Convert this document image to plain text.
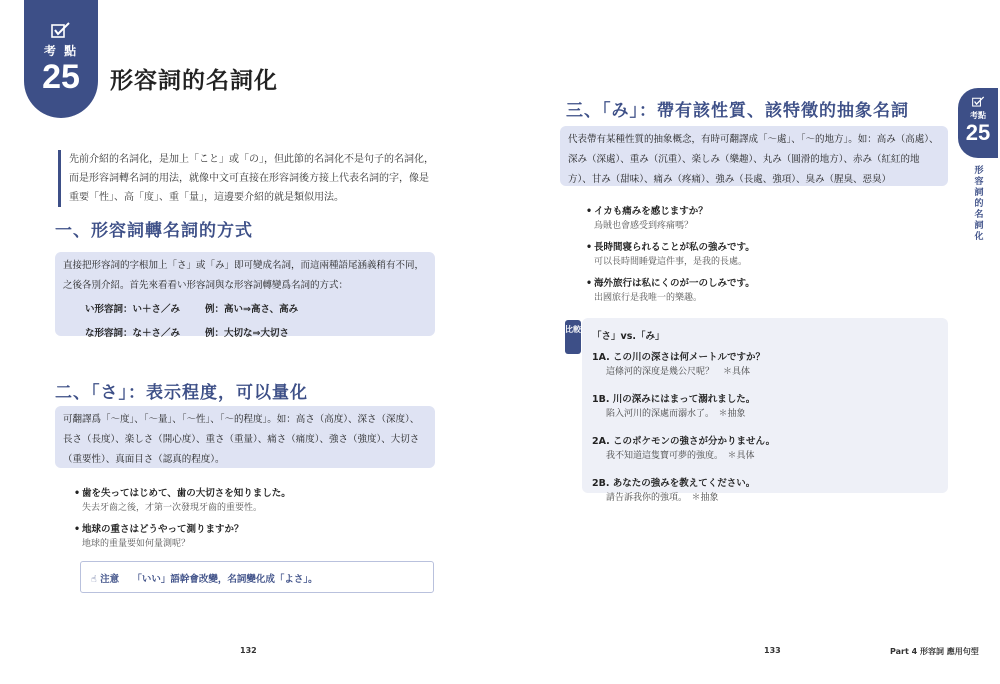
考 點
25	形容詞的名詞化
先前介紹的名詞化，是加上「こと」或「の」，但此節的名詞化不是句子的名詞化，而是形容詞轉名詞的用法，就像中文可直接在形容詞後方接上代表名詞的字，像是重要「性」、高「度」、重「量」，這邊要介紹的就是類似用法。
一、形容詞轉名詞的方式
直接把形容詞的字根加上「さ」或「み」即可變成名詞，而這兩種語尾涵義稍有不同，之後各別介紹。首先來看看い形容詞與な形容詞轉變爲名詞的方式：
い形容詞：い＋さ／み	例：高い⇒高さ、高み
な形容詞：な＋さ／み	例：大切な⇒大切さ
二、「さ」：表示程度，可以量化
可翻譯爲「～度」、「～量」、「～性」、「～的程度」。如：高さ（高度）、深さ（深度）、長さ（長度）、楽しさ（開心度）、重さ（重量）、痛さ（痛度）、強さ（強度）、大切さ（重要性）、真面目さ（認真的程度）。
• 歯を失ってはじめて、歯の大切さを知りました。
失去牙齒之後，才第一次發現牙齒的重要性。
• 地球の重さはどうやって測りますか？
地球的重量要如何量測呢？
☝ 注意 「いい」語幹會改變，名詞變化成「よさ」。
132
三、「み」：帶有該性質、該特徵的抽象名詞
代表帶有某種性質的抽象概念，有時可翻譯成「～處」、「～的地方」。如：高み（高處）、深み（深處）、重み（沉重）、楽しみ（樂趣）、丸み（圓滑的地方）、赤み（紅紅的地方）、甘み（甜味）、痛み（疼痛）、強み（長處、強項）、臭み（腥臭、惡臭）
• イカも痛みを感じますか？
烏賊也會感受到疼痛嗎？
• 長時間寝られることが私の強みです。
可以長時間睡覺這件事，是我的長處。
• 海外旅行は私にくのが一のしみです。
出國旅行是我唯一的樂趣。
比較
「さ」vs.「み」
1A. この川の深さは何メートルですか？
這條河的深度是幾公尺呢？　＊具体
1B. 川の深みにはまって溺れました。
陷入河川的深處而溺水了。　＊抽象
2A. このポケモンの強さが分かりません。
我不知道這隻寶可夢的強度。　＊具体
2B. あなたの強みを教えてください。
請告訴我你的強項。　＊抽象
考點
25
形容詞的名詞化
133	Part 4 形容詞 應用句型
